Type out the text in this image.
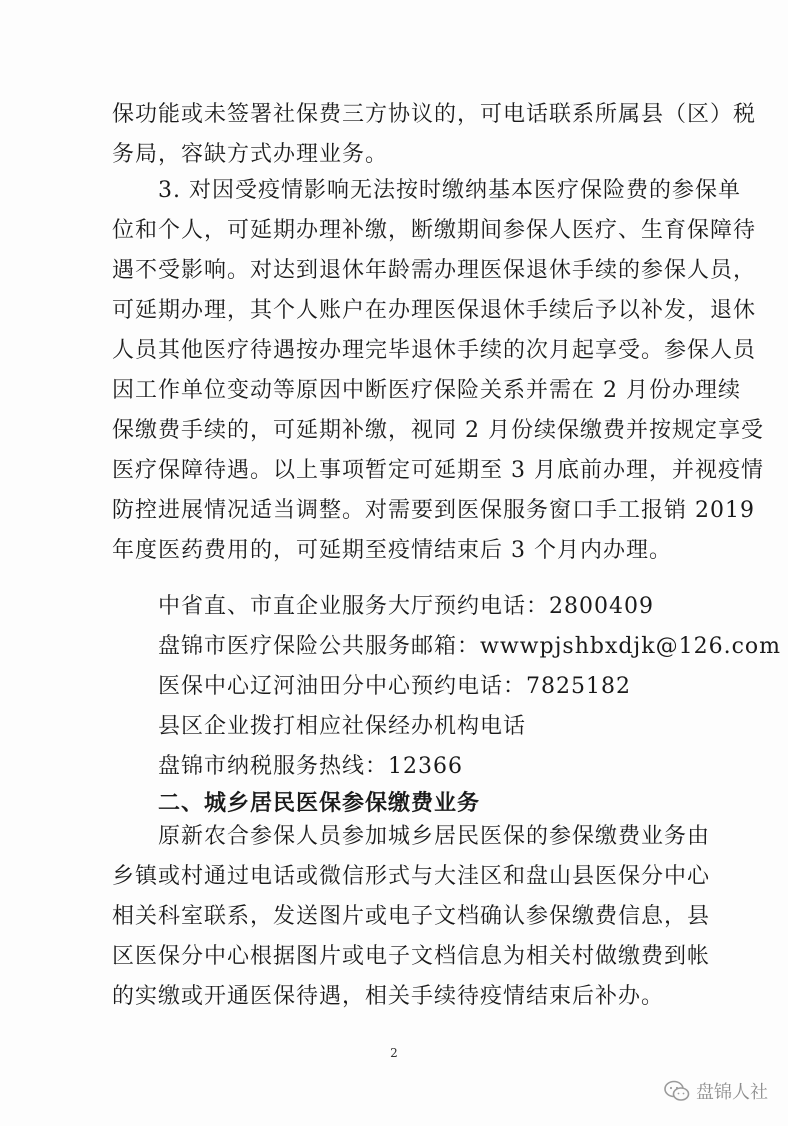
保功能或未签署社保费三方协议的，可电话联系所属县（区）税
务局，容缺方式办理业务。
3. 对因受疫情影响无法按时缴纳基本医疗保险费的参保单
位和个人，可延期办理补缴，断缴期间参保人医疗、生育保障待
遇不受影响。对达到退休年龄需办理医保退休手续的参保人员，
可延期办理，其个人账户在办理医保退休手续后予以补发，退休
人员其他医疗待遇按办理完毕退休手续的次月起享受。参保人员
因工作单位变动等原因中断医疗保险关系并需在 2 月份办理续
保缴费手续的，可延期补缴，视同 2 月份续保缴费并按规定享受
医疗保障待遇。以上事项暂定可延期至 3 月底前办理，并视疫情
防控进展情况适当调整。对需要到医保服务窗口手工报销 2019
年度医药费用的，可延期至疫情结束后 3 个月内办理。
中省直、市直企业服务大厅预约电话：2800409
盘锦市医疗保险公共服务邮箱：wwwpjshbxdjk@126.com
医保中心辽河油田分中心预约电话：7825182
县区企业拨打相应社保经办机构电话
盘锦市纳税服务热线：12366
二、城乡居民医保参保缴费业务
原新农合参保人员参加城乡居民医保的参保缴费业务由
乡镇或村通过电话或微信形式与大洼区和盘山县医保分中心
相关科室联系，发送图片或电子文档确认参保缴费信息，县
区医保分中心根据图片或电子文档信息为相关村做缴费到帐
的实缴或开通医保待遇，相关手续待疫情结束后补办。
2
盘锦人社
